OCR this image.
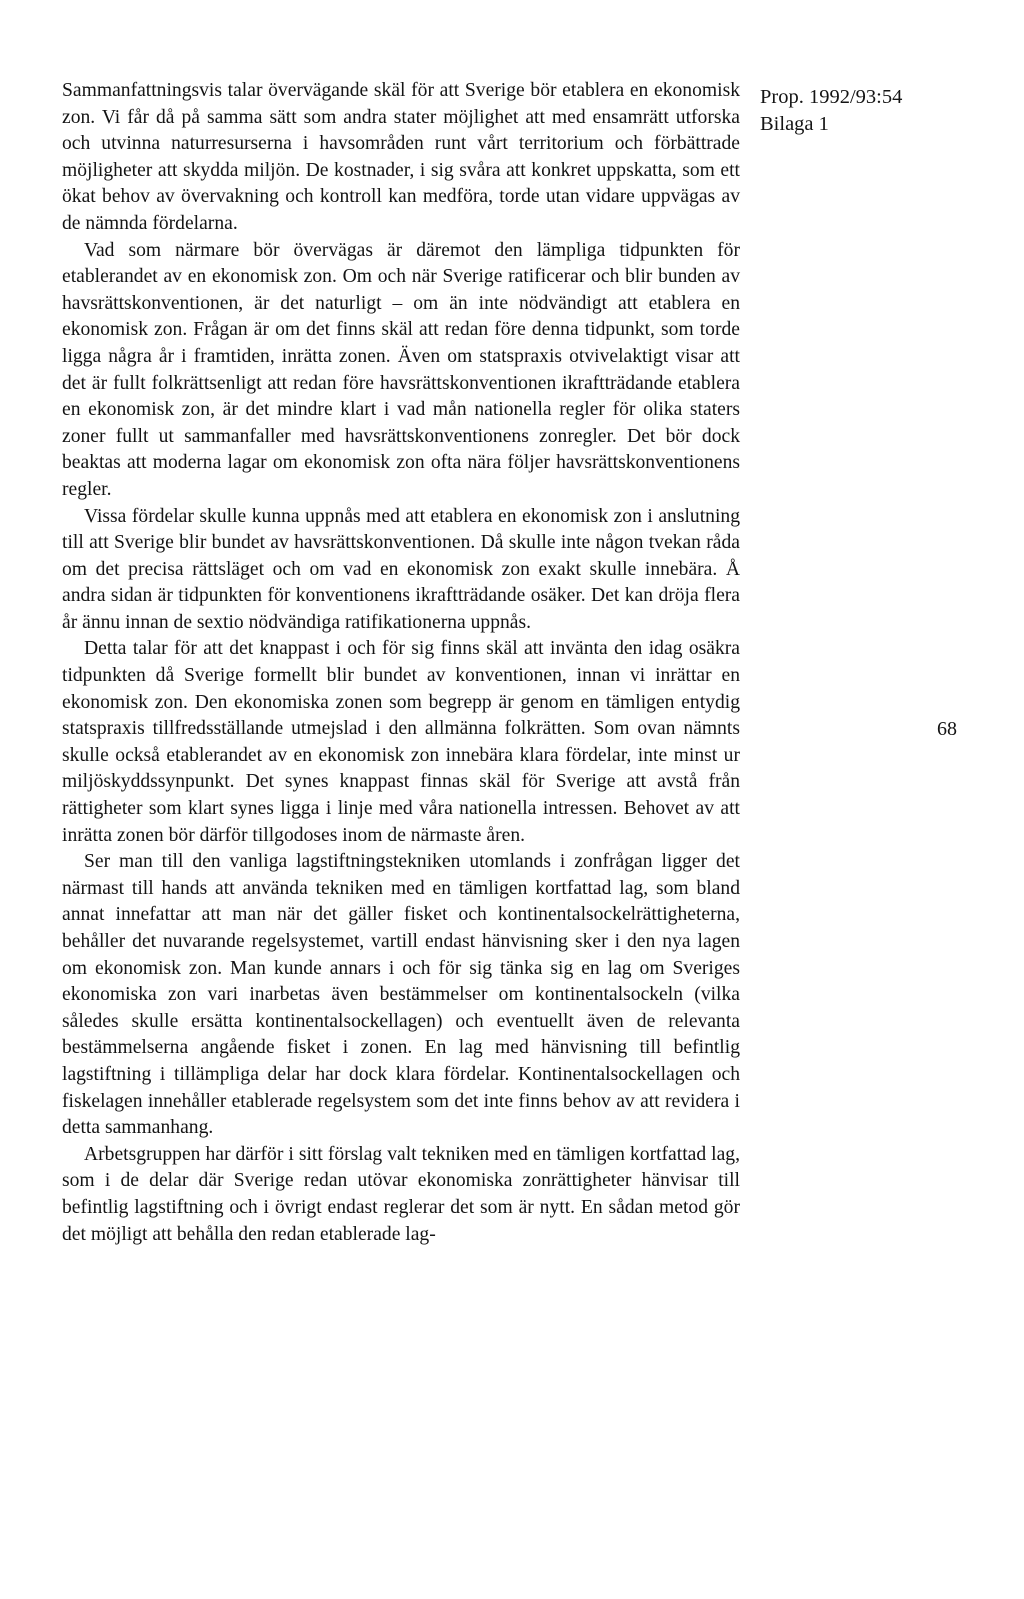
Sammanfattningsvis talar övervägande skäl för att Sverige bör etablera en ekonomisk zon. Vi får då på samma sätt som andra stater möjlighet att med ensamrätt utforska och utvinna naturresurserna i havsområden runt vårt territorium och förbättrade möjligheter att skydda miljön. De kostnader, i sig svåra att konkret uppskatta, som ett ökat behov av övervakning och kontroll kan medföra, torde utan vidare uppvägas av de nämnda fördelarna.

Vad som närmare bör övervägas är däremot den lämpliga tidpunkten för etablerandet av en ekonomisk zon. Om och när Sverige ratificerar och blir bunden av havsrättskonventionen, är det naturligt – om än inte nödvändigt att etablera en ekonomisk zon. Frågan är om det finns skäl att redan före denna tidpunkt, som torde ligga några år i framtiden, inrätta zonen. Även om statspraxis otvivelaktigt visar att det är fullt folkrättsenligt att redan före havsrättskonventionen ikraftträdande etablera en ekonomisk zon, är det mindre klart i vad mån nationella regler för olika staters zoner fullt ut sammanfaller med havsrättskonventionens zonregler. Det bör dock beaktas att moderna lagar om ekonomisk zon ofta nära följer havsrättskonventionens regler.

Vissa fördelar skulle kunna uppnås med att etablera en ekonomisk zon i anslutning till att Sverige blir bundet av havsrättskonventionen. Då skulle inte någon tvekan råda om det precisa rättsläget och om vad en ekonomisk zon exakt skulle innebära. Å andra sidan är tidpunkten för konventionens ikraftträdande osäker. Det kan dröja flera år ännu innan de sextio nödvändiga ratifikationerna uppnås.

Detta talar för att det knappast i och för sig finns skäl att invänta den idag osäkra tidpunkten då Sverige formellt blir bundet av konventionen, innan vi inrättar en ekonomisk zon. Den ekonomiska zonen som begrepp är genom en tämligen entydig statspraxis tillfredsställande utmejslad i den allmänna folkrätten. Som ovan nämnts skulle också etablerandet av en ekonomisk zon innebära klara fördelar, inte minst ur miljöskyddssynpunkt. Det synes knappast finnas skäl för Sverige att avstå från rättigheter som klart synes ligga i linje med våra nationella intressen. Behovet av att inrätta zonen bör därför tillgodoses inom de närmaste åren.

Ser man till den vanliga lagstiftningstekniken utomlands i zonfrågan ligger det närmast till hands att använda tekniken med en tämligen kortfattad lag, som bland annat innefattar att man när det gäller fisket och kontinentalsockelrättigheterna, behåller det nuvarande regelsystemet, vartill endast hänvisning sker i den nya lagen om ekonomisk zon. Man kunde annars i och för sig tänka sig en lag om Sveriges ekonomiska zon vari inarbetas även bestämmelser om kontinentalsockeln (vilka således skulle ersätta kontinentalsockellagen) och eventuellt även de relevanta bestämmelserna angående fisket i zonen. En lag med hänvisning till befintlig lagstiftning i tillämpliga delar har dock klara fördelar. Kontinentalsockellagen och fiskelagen innehåller etablerade regelsystem som det inte finns behov av att revidera i detta sammanhang.

Arbetsgruppen har därför i sitt förslag valt tekniken med en tämligen kortfattad lag, som i de delar där Sverige redan utövar ekonomiska zonrättigheter hänvisar till befintlig lagstiftning och i övrigt endast reglerar det som är nytt. En sådan metod gör det möjligt att behålla den redan etablerade lag-

Prop. 1992/93:54
Bilaga 1
68
